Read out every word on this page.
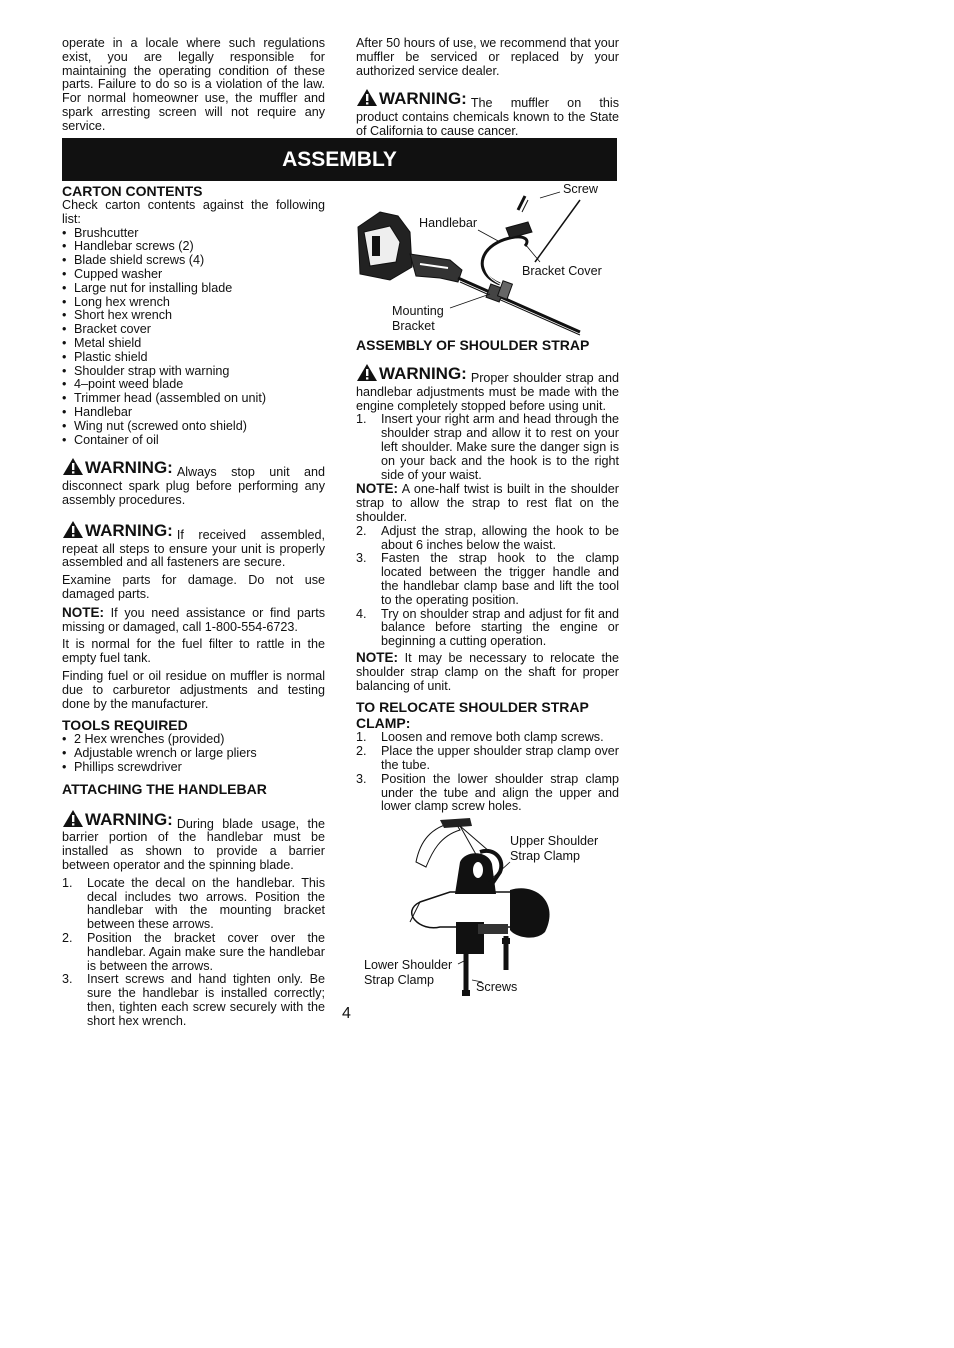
operate in a locale where such regulations exist, you are legally responsible for maintaining the operating condition of these parts. Failure to do so is a violation of the law. For normal homeowner use, the muffler and spark arresting screen will not require any service.

After 50 hours of use, we recommend that your muffler be serviced or replaced by your authorized service dealer.

WARNING: The muffler on this product contains chemicals known to the State of California to cause cancer.

ASSEMBLY
CARTON CONTENTS

Check carton contents against the following list:

• Brushcutter
• Handlebar screws (2)
• Blade shield screws (4)
• Cupped washer
• Large nut for installing blade
• Long hex wrench
• Short hex wrench
• Bracket cover
• Metal shield
• Plastic shield
• Shoulder strap with warning
• 4–point weed blade
• Trimmer head (assembled on unit)
• Handlebar
• Wing nut (screwed onto shield)
• Container of oil

WARNING: Always stop unit and disconnect spark plug before performing any assembly procedures.

WARNING: If received assembled, repeat all steps to ensure your unit is properly assembled and all fasteners are secure.

Examine parts for damage. Do not use damaged parts.

NOTE: If you need assistance or find parts missing or damaged, call 1-800-554-6723.

It is normal for the fuel filter to rattle in the empty fuel tank.

Finding fuel or oil residue on muffler is normal due to carburetor adjustments and testing done by the manufacturer.

TOOLS REQUIRED
• 2 Hex wrenches (provided)
• Adjustable wrench or large pliers
• Phillips screwdriver
ATTACHING THE HANDLEBAR

WARNING: During blade usage, the barrier portion of the handlebar must be installed as shown to provide a barrier between operator and the spinning blade.

1. Locate the decal on the handlebar. This decal includes two arrows. Position the handlebar with the mounting bracket between these arrows.
2. Position the bracket cover over the handlebar. Again make sure the handlebar is between the arrows.
3. Insert screws and hand tighten only. Be sure the handlebar is installed correctly; then, tighten each screw securely with the short hex wrench.
Screw
Handlebar
Bracket Cover
Mounting
Bracket
ASSEMBLY OF SHOULDER STRAP

WARNING: Proper shoulder strap and handlebar adjustments must be made with the engine completely stopped before using unit.

1. Insert your right arm and head through the shoulder strap and allow it to rest on your left shoulder. Make sure the danger sign is on your back and the hook is to the right side of your waist.

NOTE: A one-half twist is built in the shoulder strap to allow the strap to rest flat on the shoulder.

2. Adjust the strap, allowing the hook to be about 6 inches below the waist.
3. Fasten the strap hook to the clamp located between the trigger handle and the handlebar clamp base and lift the tool to the operating position.
4. Try on shoulder strap and adjust for fit and balance before starting the engine or beginning a cutting operation.

NOTE: It may be necessary to relocate the shoulder strap clamp on the shaft for proper balancing of unit.

TO RELOCATE SHOULDER STRAP CLAMP:
1. Loosen and remove both clamp screws.
2. Place the upper shoulder strap clamp over the tube.
3. Position the lower shoulder strap clamp under the tube and align the upper and lower clamp screw holes.
Upper Shoulder
Strap Clamp
Lower Shoulder
Strap Clamp	Screws
4
